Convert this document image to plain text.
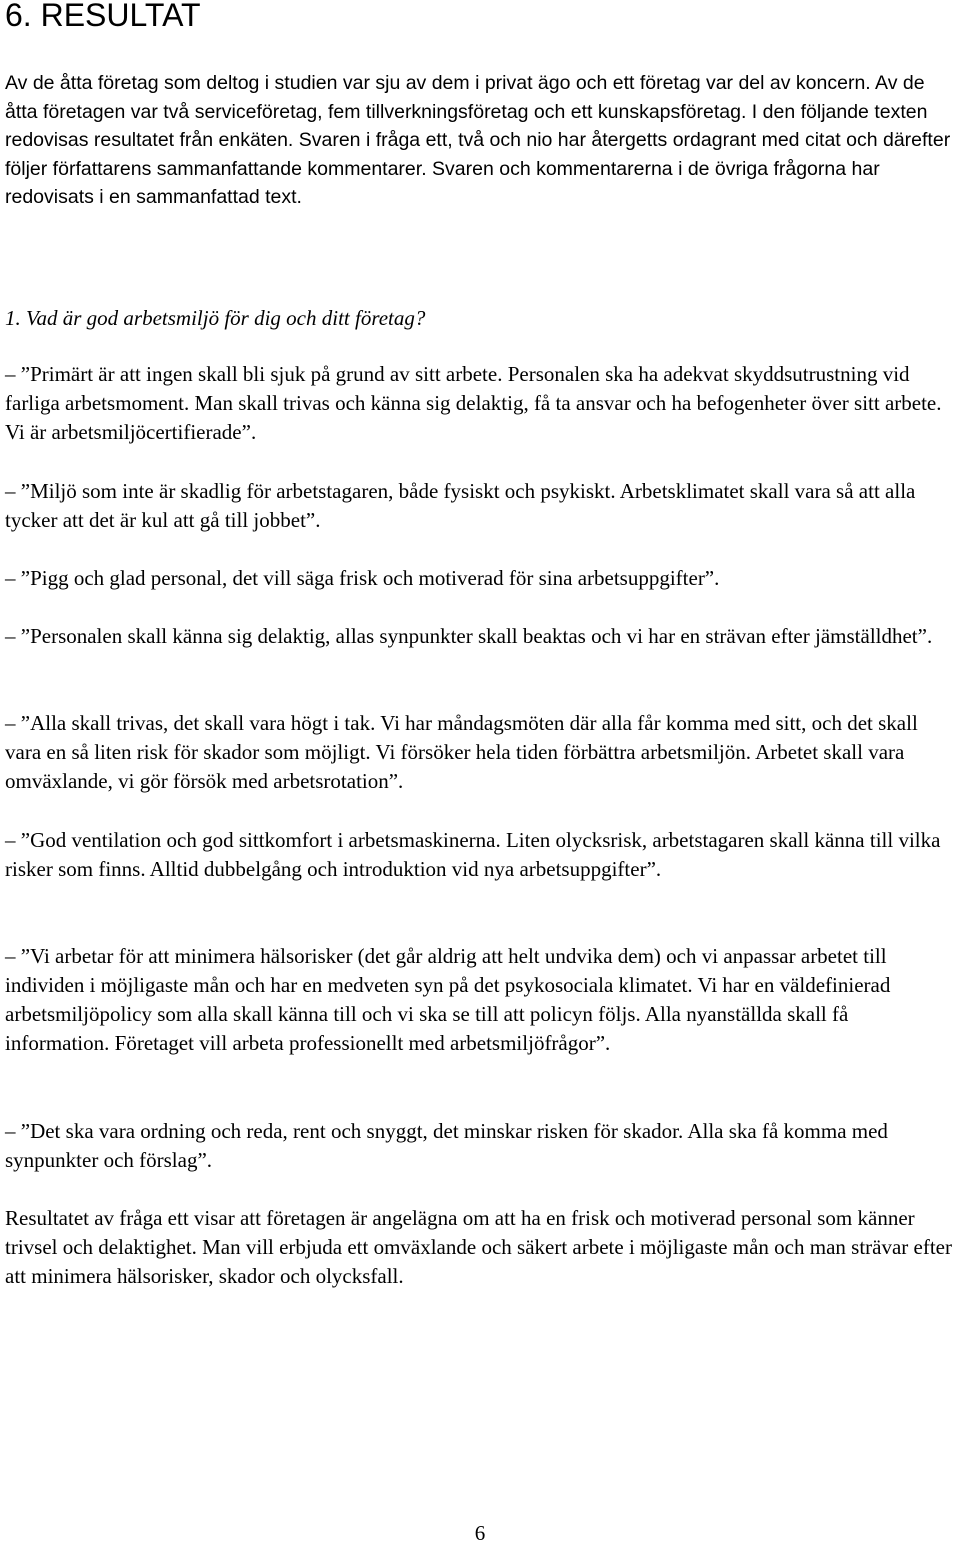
6. RESULTAT

Av de åtta företag som deltog i studien var sju av dem i privat ägo och ett företag var del av koncern. Av de åtta företagen var två serviceföretag, fem tillverkningsföretag och ett kunskapsföretag. I den följande texten redovisas resultatet från enkäten. Svaren i fråga ett, två och nio har återgetts ordagrant med citat och därefter följer författarens sammanfattande kommentarer. Svaren och kommentarerna i de övriga frågorna har redovisats i en sammanfattad text.

1. Vad är god arbetsmiljö för dig och ditt företag?

– ”Primärt är att ingen skall bli sjuk på grund av sitt arbete. Personalen ska ha adekvat skyddsutrustning vid farliga arbetsmoment. Man skall trivas och känna sig delaktig, få ta ansvar och ha befogenheter över sitt arbete. Vi är arbetsmiljöcertifierade”.

– ”Miljö som inte är skadlig för arbetstagaren, både fysiskt och psykiskt. Arbetsklimatet skall vara så att alla tycker att det är kul att gå till jobbet”.

– ”Pigg och glad personal, det vill säga frisk och motiverad för sina arbetsuppgifter”.

– ”Personalen skall känna sig delaktig, allas synpunkter skall beaktas och vi har en strävan efter jämställdhet”.

– ”Alla skall trivas, det skall vara högt i tak. Vi har måndagsmöten där alla får komma med sitt, och det skall vara en så liten risk för skador som möjligt. Vi försöker hela tiden förbättra arbetsmiljön. Arbetet skall vara omväxlande, vi gör försök med arbetsrotation”.

– ”God ventilation och god sittkomfort i arbetsmaskinerna. Liten olycksrisk, arbetstagaren skall känna till vilka risker som finns. Alltid dubbelgång och introduktion vid nya arbetsuppgifter”.

– ”Vi arbetar för att minimera hälsorisker (det går aldrig att helt undvika dem) och vi anpassar arbetet till individen i möjligaste mån och har en medveten syn på det psykosociala klimatet. Vi har en väldefinierad arbetsmiljöpolicy som alla skall känna till och vi ska se till att policyn följs. Alla nyanställda skall få information. Företaget vill arbeta professionellt med arbetsmiljöfrågor”.

– ”Det ska vara ordning och reda, rent och snyggt, det minskar risken för skador. Alla ska få komma med synpunkter och förslag”.

Resultatet av fråga ett visar att företagen är angelägna om att ha en frisk och motiverad personal som känner trivsel och delaktighet. Man vill erbjuda ett omväxlande och säkert arbete i möjligaste mån och man strävar efter att minimera hälsorisker, skador och olycksfall.

6
